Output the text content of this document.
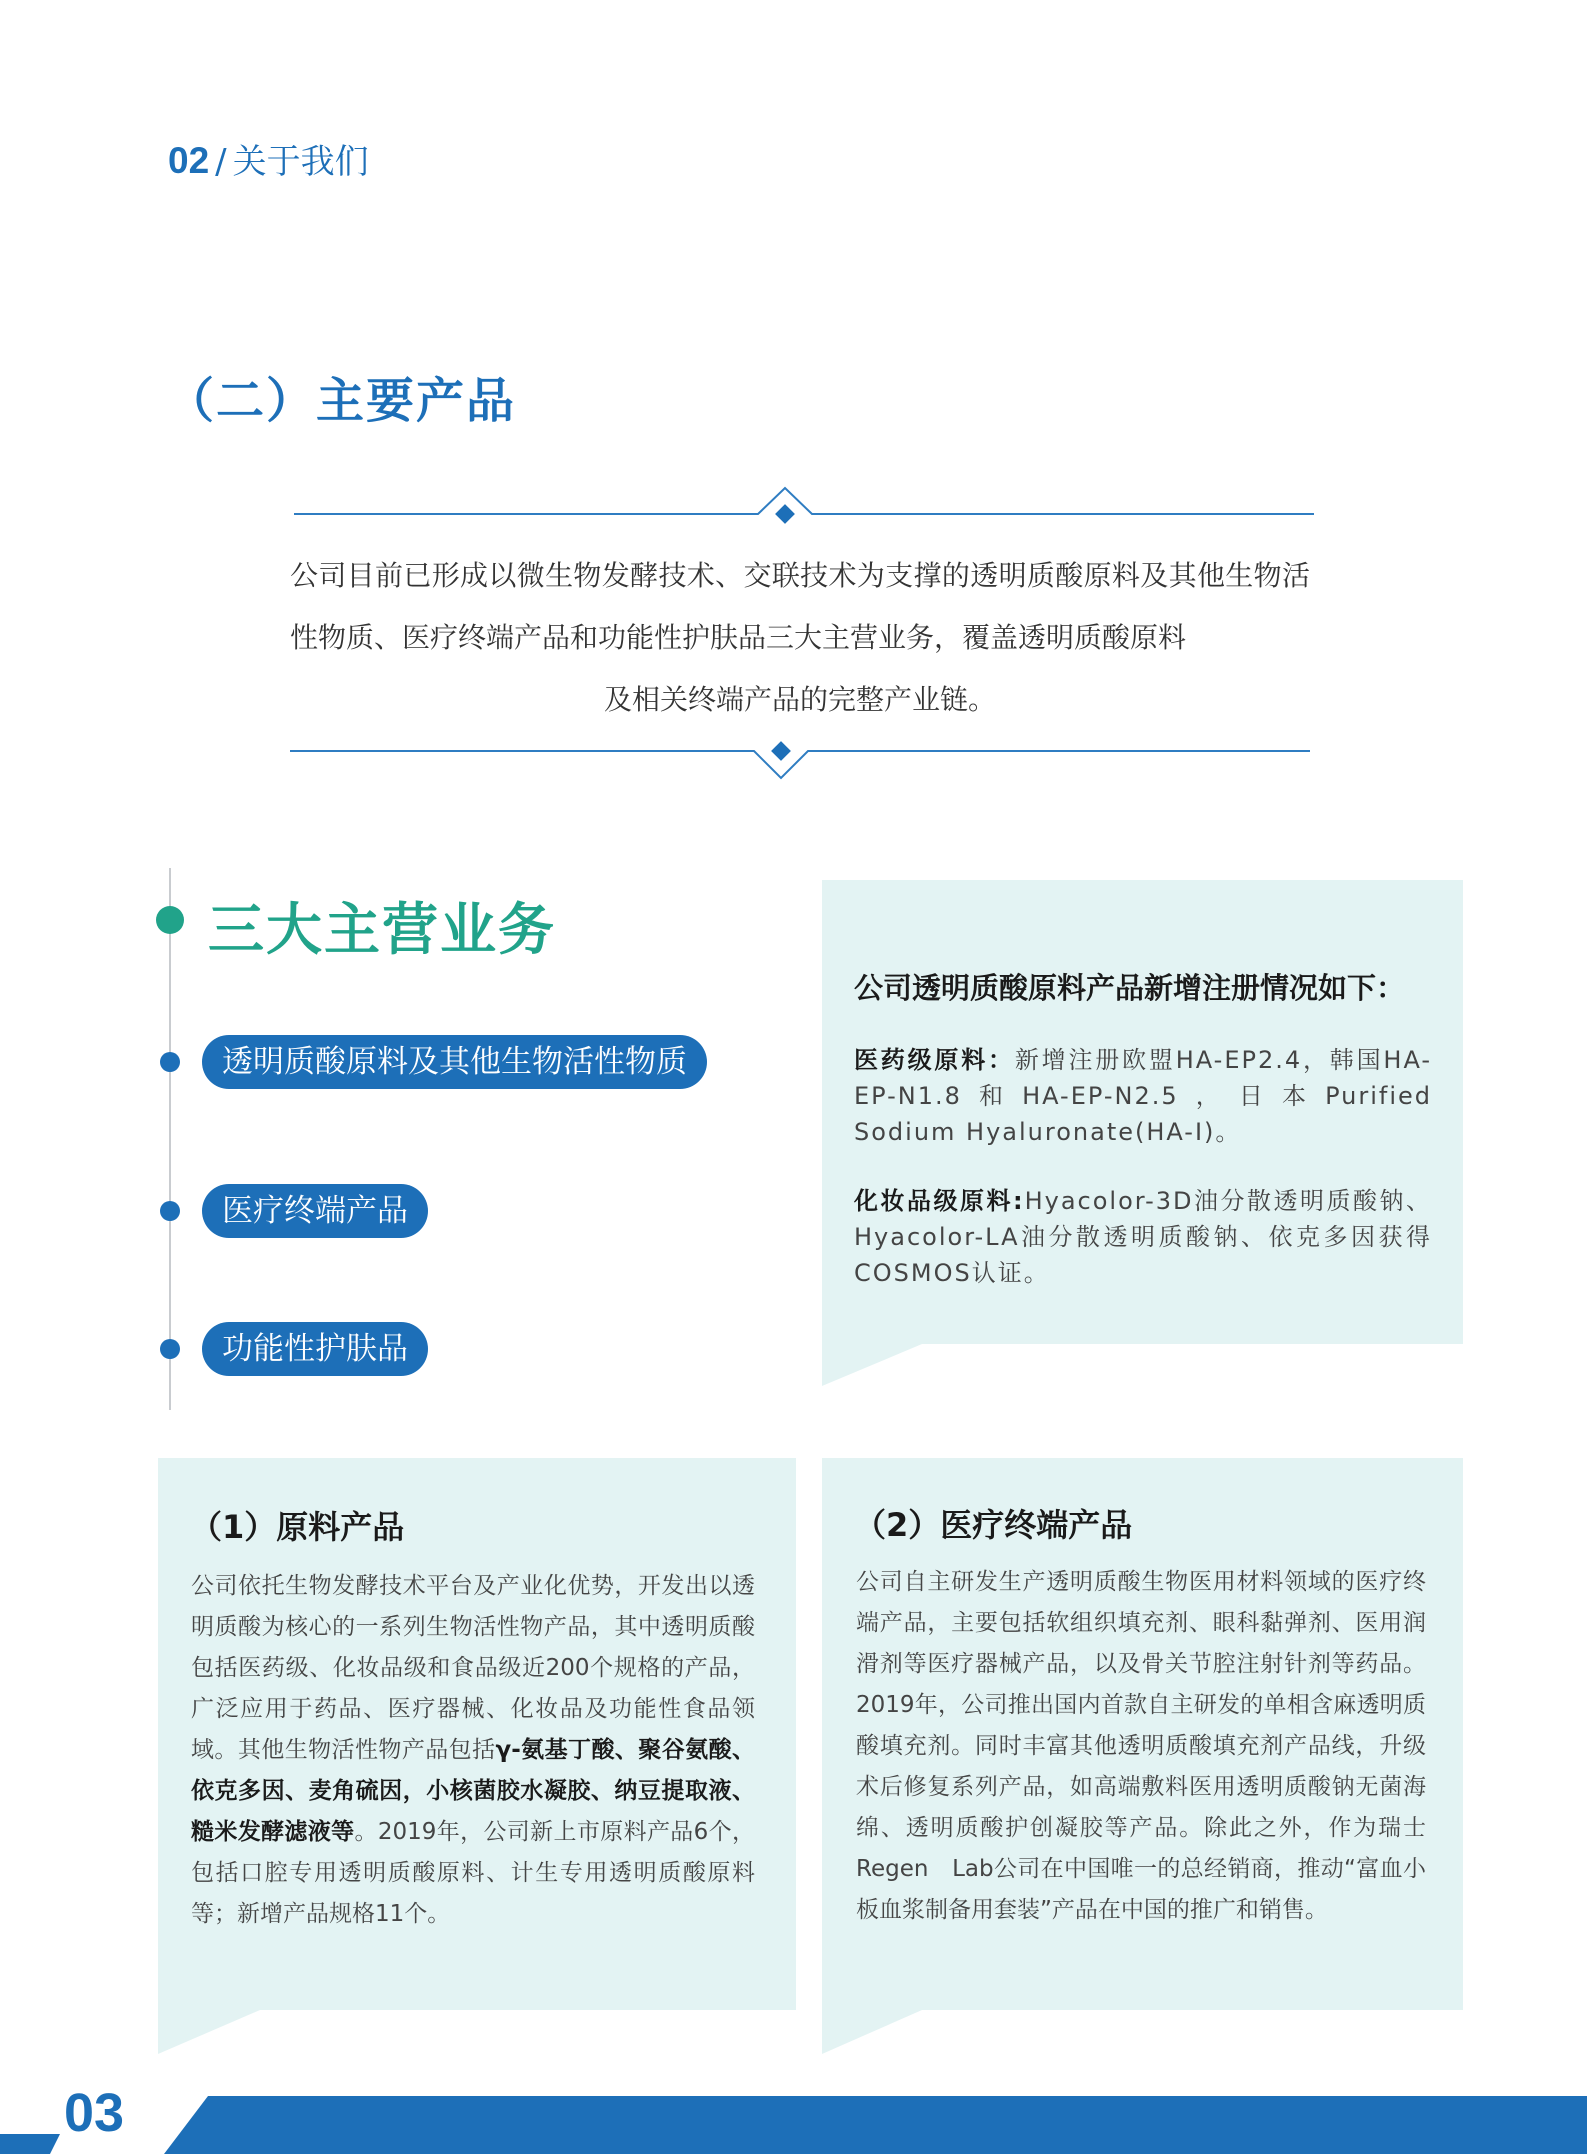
02 / 关于我们
（二）主要产品
公司目前已形成以微生物发酵技术、交联技术为支撑的透明质酸原料及其他生物活性物质、医疗终端产品和功能性护肤品三大主营业务，覆盖透明质酸原料
及相关终端产品的完整产业链。
三大主营业务
透明质酸原料及其他生物活性物质
医疗终端产品
功能性护肤品
公司透明质酸原料产品新增注册情况如下：
医药级原料：新增注册欧盟HA-EP2.4，韩国HA-EP-N1.8和HA-EP-N2.5，日本Purified Sodium Hyaluronate(HA-I)。
化妆品级原料:Hyacolor-3D油分散透明质酸钠、Hyacolor-LA油分散透明质酸钠、依克多因获得COSMOS认证。
（1）原料产品
公司依托生物发酵技术平台及产业化优势，开发出以透明质酸为核心的一系列生物活性物产品，其中透明质酸包括医药级、化妆品级和食品级近200个规格的产品，广泛应用于药品、医疗器械、化妆品及功能性食品领域。其他生物活性物产品包括γ-氨基丁酸、聚谷氨酸、依克多因、麦角硫因，小核菌胶水凝胶、纳豆提取液、糙米发酵滤液等。2019年，公司新上市原料产品6个，包括口腔专用透明质酸原料、计生专用透明质酸原料等；新增产品规格11个。
（2）医疗终端产品
公司自主研发生产透明质酸生物医用材料领域的医疗终端产品，主要包括软组织填充剂、眼科黏弹剂、医用润滑剂等医疗器械产品，以及骨关节腔注射针剂等药品。2019年，公司推出国内首款自主研发的单相含麻透明质酸填充剂。同时丰富其他透明质酸填充剂产品线，升级术后修复系列产品，如高端敷料医用透明质酸钠无菌海绵、透明质酸护创凝胶等产品。除此之外，作为瑞士Regen　Lab公司在中国唯一的总经销商，推动“富血小板血浆制备用套装”产品在中国的推广和销售。
03
